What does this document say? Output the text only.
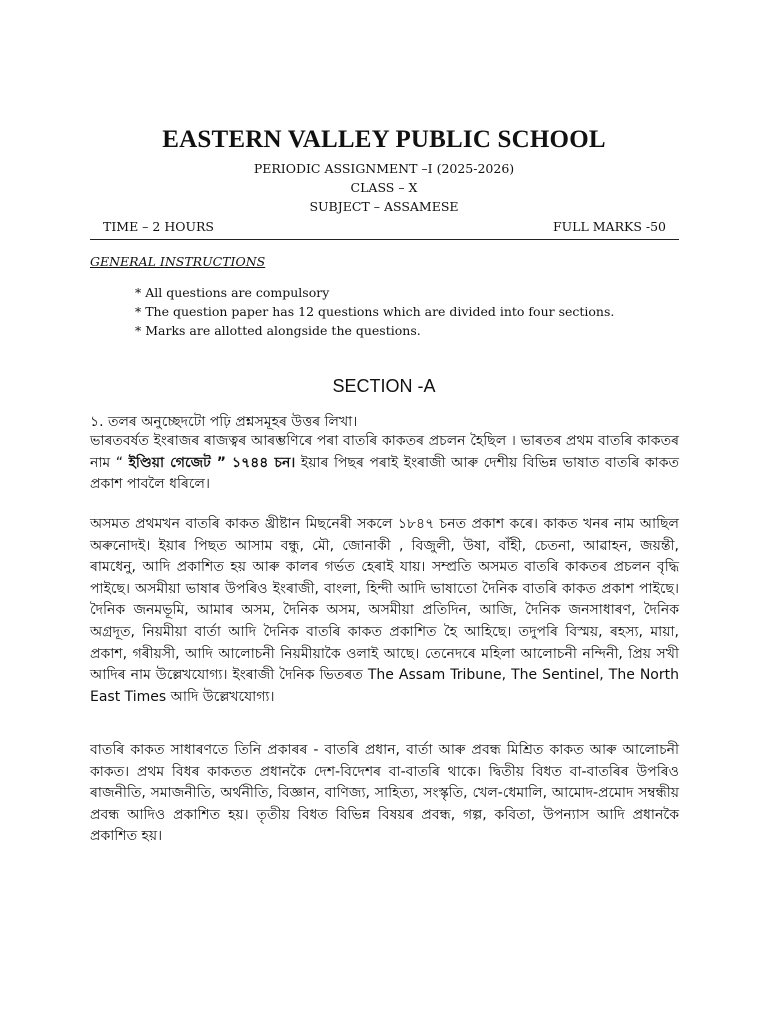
EASTERN VALLEY PUBLIC SCHOOL
PERIODIC ASSIGNMENT –I (2025-2026)
CLASS – X
SUBJECT – ASSAMESE
TIME – 2 HOURS	FULL MARKS -50
GENERAL INSTRUCTIONS
* All questions are compulsory
* The question paper has 12 questions which are divided into four sections.
* Marks are allotted alongside the questions.
SECTION -A
১. তলৰ অনুচ্ছেদটো পঢ়ি প্ৰশ্নসমূহৰ উত্তৰ লিখা।

ভাৰতবৰ্ষত ইংৰাজৰ ৰাজত্বৰ আৰম্ভণিৰে পৰা বাতৰি কাকতৰ প্ৰচলন হৈছিল । ভাৰতৰ প্ৰথম বাতৰি কাকতৰ নাম “ ইণ্ডিয়া গেজেট ” ১৭৪৪ চন। ইয়াৰ পিছৰ পৰাই ইংৰাজী আৰু দেশীয় বিভিন্ন ভাষাত বাতৰি কাকত প্ৰকাশ পাবলৈ ধৰিলে।

অসমত প্ৰথমখন বাতৰি কাকত খ্ৰীষ্টান মিছনেৰী সকলে ১৮৪৭ চনত প্ৰকাশ কৰে। কাকত খনৰ নাম আছিল অৰুনোদই। ইয়াৰ পিছত আসাম বন্ধু, মৌ, জোনাকী , বিজুলী, উষা, বাঁহী, চেতনা, আৱাহন, জয়ন্তী, ৰামধেনু, আদি প্ৰকাশিত হয় আৰু কালৰ গৰ্ভত হেৰাই যায়। সম্প্ৰতি অসমত বাতৰি কাকতৰ প্ৰচলন বৃদ্ধি পাইছে। অসমীয়া ভাষাৰ উপৰিও ইংৰাজী, বাংলা, হিন্দী আদি ভাষাতো দৈনিক বাতৰি কাকত প্ৰকাশ পাইছে। দৈনিক জনমভূমি, আমাৰ অসম, দৈনিক অসম, অসমীয়া প্ৰতিদিন, আজি, দৈনিক জনসাধাৰণ, দৈনিক অগ্ৰদূত, নিয়মীয়া বাৰ্তা আদি দৈনিক বাতৰি কাকত প্ৰকাশিত হৈ আহিছে। তদুপৰি বিস্ময়, ৰহস্য, মায়া, প্ৰকাশ, গৰীয়সী, আদি আলোচনী নিয়মীয়াকৈ ওলাই আছে। তেনেদৰে মহিলা আলোচনী নন্দিনী, প্ৰিয় সখী আদিৰ নাম উল্লেখযোগ্য। ইংৰাজী দৈনিক ভিতৰত The Assam Tribune, The Sentinel, The North East Times আদি উল্লেখযোগ্য।

বাতৰি কাকত সাধাৰণতে তিনি প্ৰকাৰৰ - বাতৰি প্ৰধান, বাৰ্তা আৰু প্ৰবন্ধ মিশ্ৰিত কাকত আৰু আলোচনী কাকত। প্ৰথম বিধৰ কাকতত প্ৰধানকৈ দেশ-বিদেশৰ বা-বাতৰি থাকে। দ্বিতীয় বিধত বা-বাতৰিৰ উপৰিও ৰাজনীতি, সমাজনীতি, অৰ্থনীতি, বিজ্ঞান, বাণিজ্য, সাহিত্য, সংস্কৃতি, খেল-ধেমালি, আমোদ-প্ৰমোদ সম্বন্ধীয় প্ৰবন্ধ আদিও প্ৰকাশিত হয়। তৃতীয় বিধত বিভিন্ন বিষয়ৰ প্ৰবন্ধ, গল্প, কবিতা, উপন্যাস আদি প্ৰধানকৈ প্ৰকাশিত হয়।
